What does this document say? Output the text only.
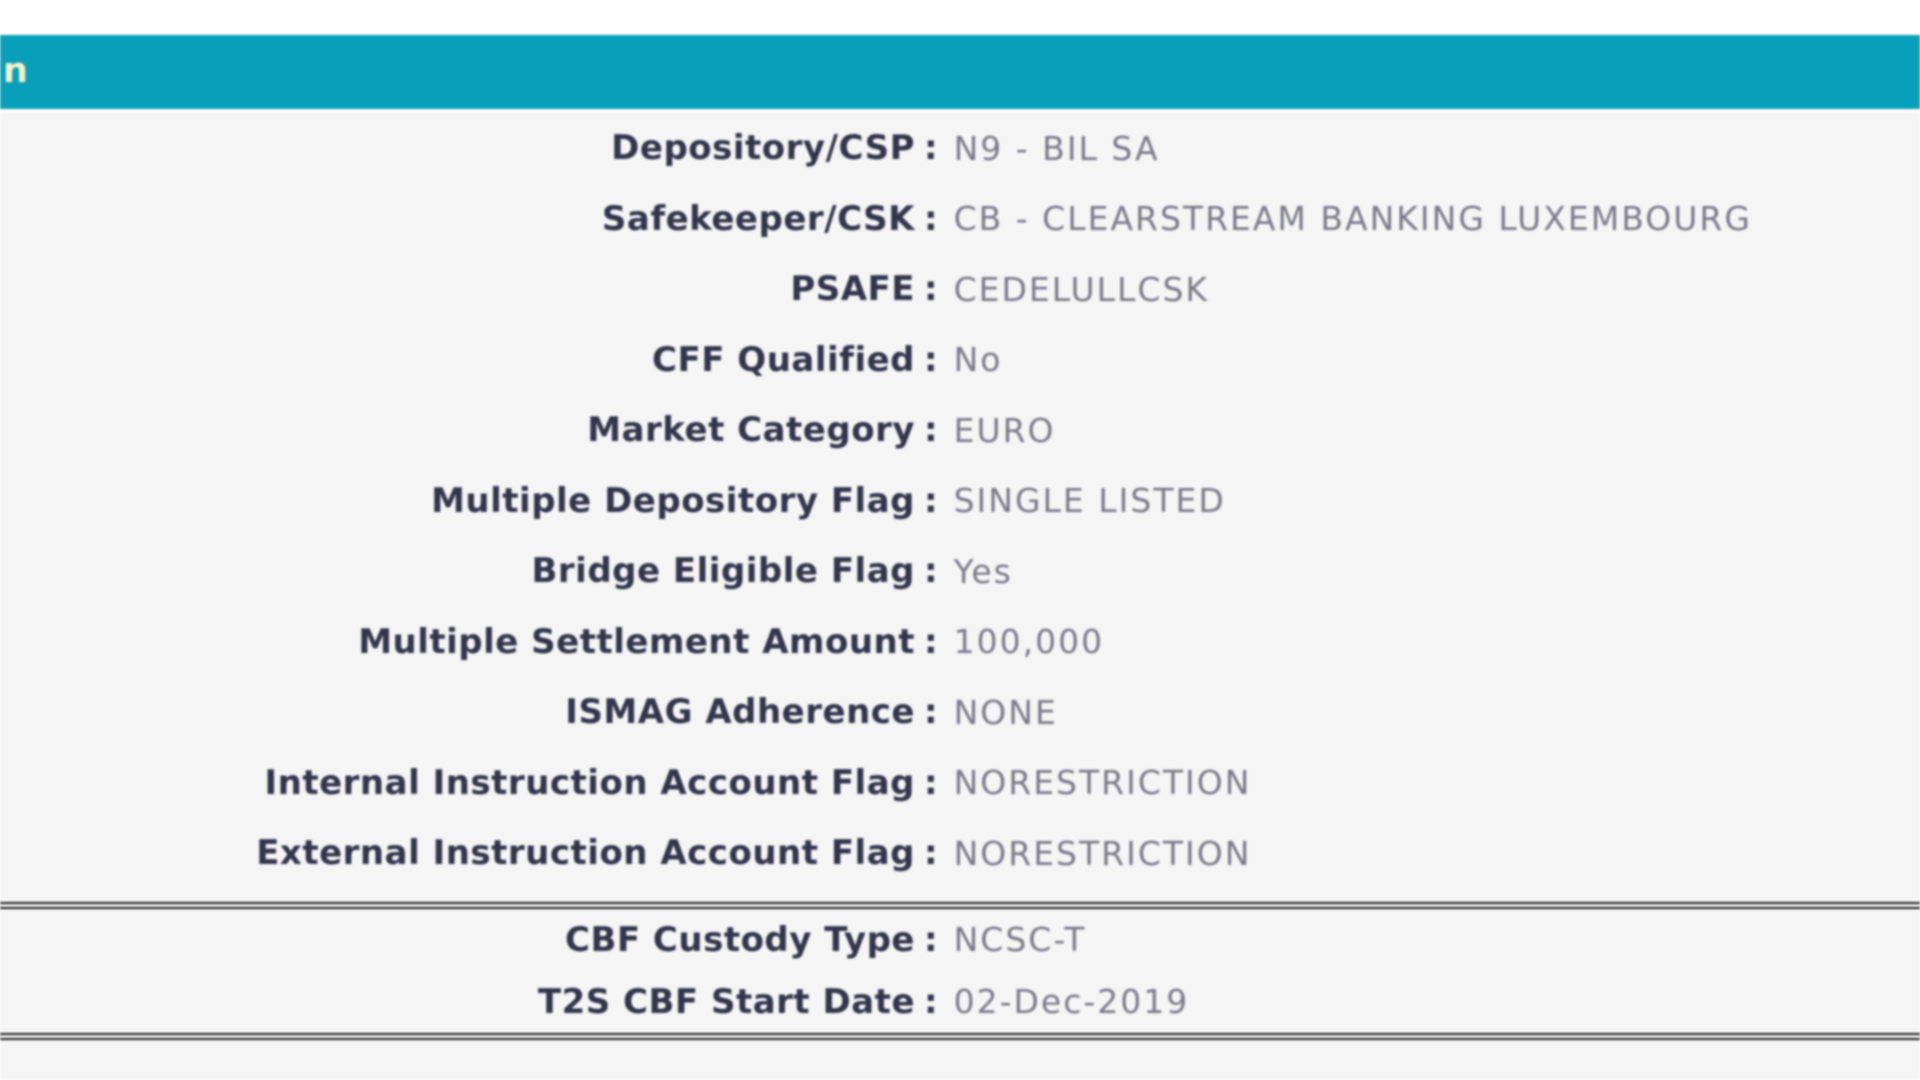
n
Depository/CSP : N9 - BIL SA
Safekeeper/CSK : CB - CLEARSTREAM BANKING LUXEMBOURG
PSAFE : CEDELULLCSK
CFF Qualified : No
Market Category : EURO
Multiple Depository Flag : SINGLE LISTED
Bridge Eligible Flag : Yes
Multiple Settlement Amount : 100,000
ISMAG Adherence : NONE
Internal Instruction Account Flag : NORESTRICTION
External Instruction Account Flag : NORESTRICTION
CBF Custody Type : NCSC-T
T2S CBF Start Date : 02-Dec-2019
